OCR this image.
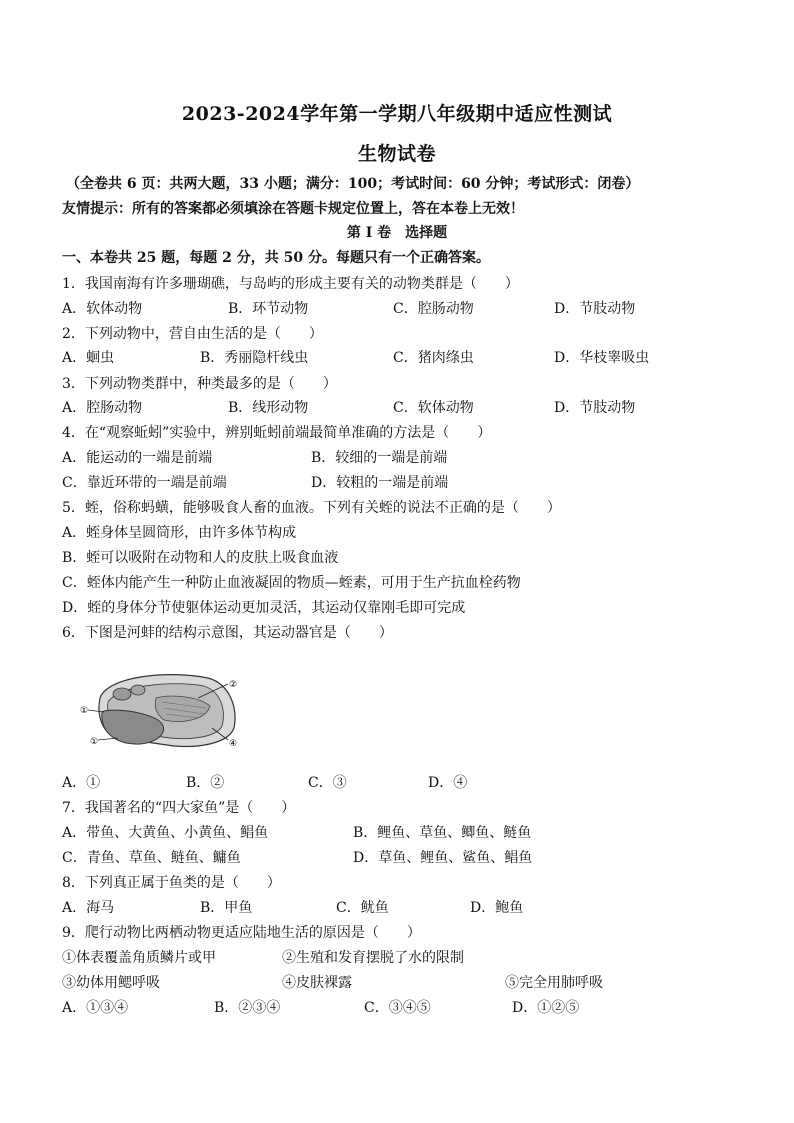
2023-2024学年第一学期八年级期中适应性测试
生物试卷
（全卷共 6 页：共两大题，33 小题；满分：100；考试时间：60 分钟；考试形式：闭卷）
友情提示：所有的答案都必须填涂在答题卡规定位置上，答在本卷上无效！
第 I 卷　选择题
一、本卷共 25 题，每题 2 分，共 50 分。每题只有一个正确答案。
1．我国南海有许多珊瑚礁，与岛屿的形成主要有关的动物类群是（　　）
A．软体动物	B．环节动物	C．腔肠动物	D．节肢动物
2．下列动物中，营自由生活的是（　　）
A．蛔虫	B．秀丽隐杆线虫	C．猪肉绦虫	D．华枝睾吸虫
3．下列动物类群中，种类最多的是（　　）
A．腔肠动物	B．线形动物	C．软体动物	D．节肢动物
4．在“观察蚯蚓”实验中，辨别蚯蚓前端最简单准确的方法是（　　）
A．能运动的一端是前端	B．较细的一端是前端
C．靠近环带的一端是前端	D．较粗的一端是前端
5．蛭，俗称蚂蟥，能够吸食人畜的血液。下列有关蛭的说法不正确的是（　　）
A．蛭身体呈圆筒形，由许多体节构成
B．蛭可以吸附在动物和人的皮肤上吸食血液
C．蛭体内能产生一种防止血液凝固的物质—蛭素，可用于生产抗血栓药物
D．蛭的身体分节使躯体运动更加灵活，其运动仅靠刚毛即可完成
6．下图是河蚌的结构示意图，其运动器官是（　　）
①
①
②
④
A．①	B．②	C．③	D．④
7．我国著名的“四大家鱼”是（　　）
A．带鱼、大黄鱼、小黄鱼、鲳鱼	B．鲤鱼、草鱼、鲫鱼、鲢鱼
C．青鱼、草鱼、鲢鱼、鳙鱼	D．草鱼、鲤鱼、鲨鱼、鲳鱼
8．下列真正属于鱼类的是（　　）
A．海马	B．甲鱼	C．鱿鱼	D．鲍鱼
9．爬行动物比两栖动物更适应陆地生活的原因是（　　）
①体表覆盖角质鳞片或甲	②生殖和发育摆脱了水的限制
③幼体用鳃呼吸	④皮肤裸露	⑤完全用肺呼吸
A．①③④	B．②③④	C．③④⑤	D．①②⑤
